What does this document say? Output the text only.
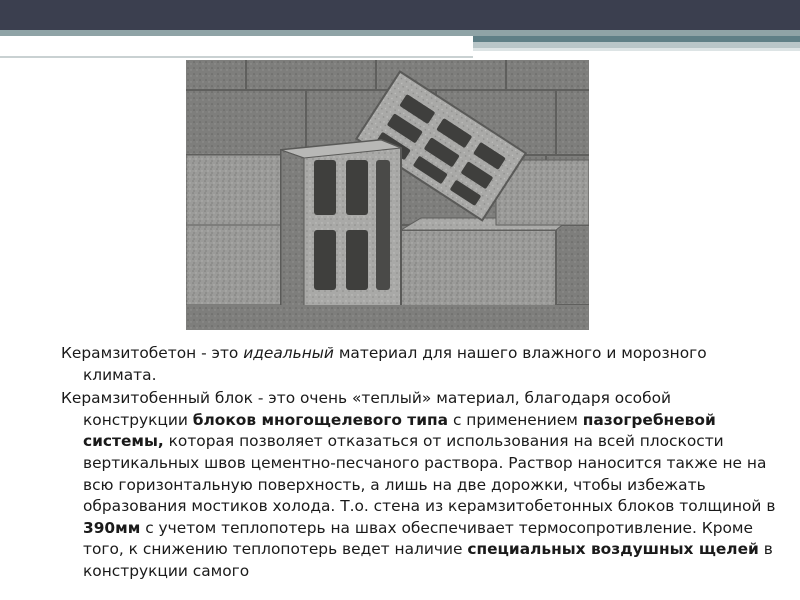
Керамзитобетон - это идеальный материал для нашего влажного и морозного климата.

Керамзитобенный блок - это очень «теплый» материал, благодаря особой конструкции блоков многощелевого типа с применением пазогребневой системы, которая позволяет отказаться от использования на всей плоскости вертикальных швов цементно-песчаного раствора. Раствор наносится также не на всю горизонтальную поверхность, а лишь на две дорожки, чтобы избежать образования мостиков холода. Т.о. стена из керамзитобетонных блоков толщиной в 390мм с учетом теплопотерь на швах обеспечивает термосопротивление. Кроме того, к снижению теплопотерь ведет наличие специальных воздушных щелей в конструкции самого
